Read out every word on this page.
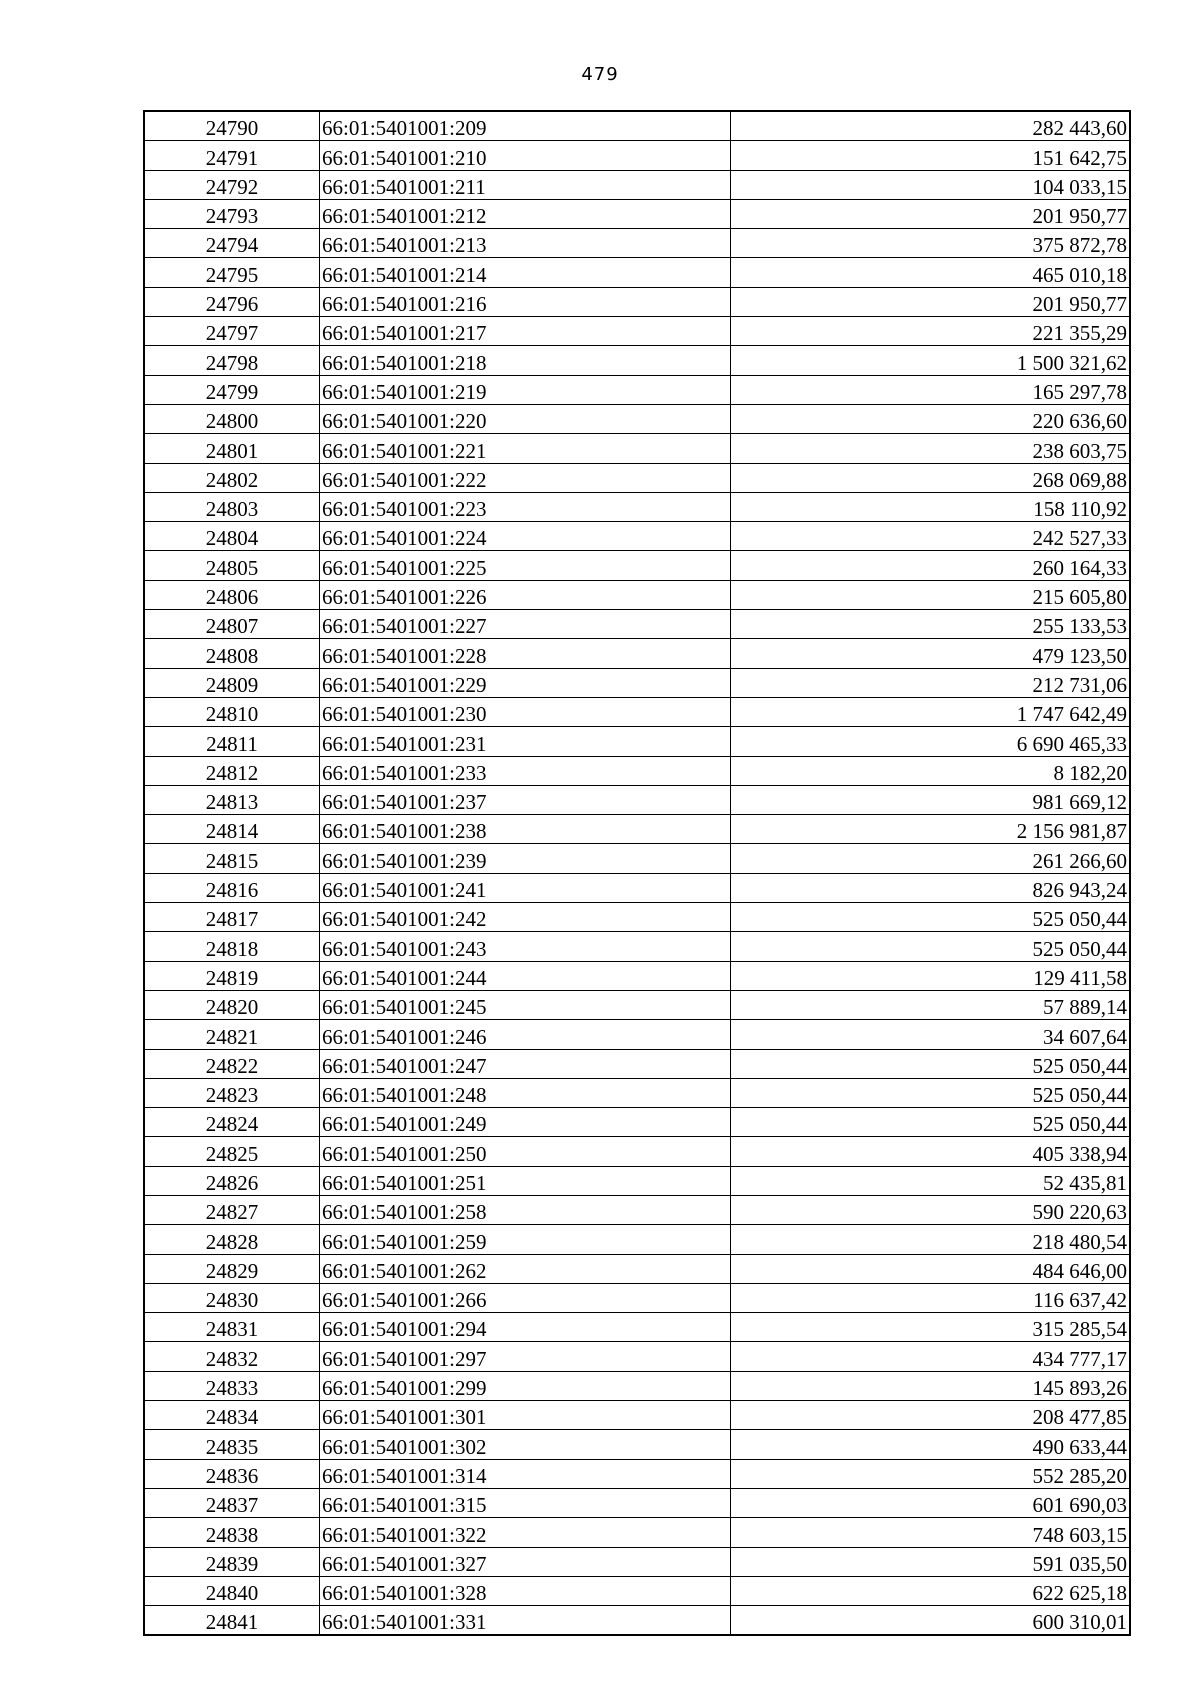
479
24790	66:01:5401001:209	282 443,60
24791	66:01:5401001:210	151 642,75
24792	66:01:5401001:211	104 033,15
24793	66:01:5401001:212	201 950,77
24794	66:01:5401001:213	375 872,78
24795	66:01:5401001:214	465 010,18
24796	66:01:5401001:216	201 950,77
24797	66:01:5401001:217	221 355,29
24798	66:01:5401001:218	1 500 321,62
24799	66:01:5401001:219	165 297,78
24800	66:01:5401001:220	220 636,60
24801	66:01:5401001:221	238 603,75
24802	66:01:5401001:222	268 069,88
24803	66:01:5401001:223	158 110,92
24804	66:01:5401001:224	242 527,33
24805	66:01:5401001:225	260 164,33
24806	66:01:5401001:226	215 605,80
24807	66:01:5401001:227	255 133,53
24808	66:01:5401001:228	479 123,50
24809	66:01:5401001:229	212 731,06
24810	66:01:5401001:230	1 747 642,49
24811	66:01:5401001:231	6 690 465,33
24812	66:01:5401001:233	8 182,20
24813	66:01:5401001:237	981 669,12
24814	66:01:5401001:238	2 156 981,87
24815	66:01:5401001:239	261 266,60
24816	66:01:5401001:241	826 943,24
24817	66:01:5401001:242	525 050,44
24818	66:01:5401001:243	525 050,44
24819	66:01:5401001:244	129 411,58
24820	66:01:5401001:245	57 889,14
24821	66:01:5401001:246	34 607,64
24822	66:01:5401001:247	525 050,44
24823	66:01:5401001:248	525 050,44
24824	66:01:5401001:249	525 050,44
24825	66:01:5401001:250	405 338,94
24826	66:01:5401001:251	52 435,81
24827	66:01:5401001:258	590 220,63
24828	66:01:5401001:259	218 480,54
24829	66:01:5401001:262	484 646,00
24830	66:01:5401001:266	116 637,42
24831	66:01:5401001:294	315 285,54
24832	66:01:5401001:297	434 777,17
24833	66:01:5401001:299	145 893,26
24834	66:01:5401001:301	208 477,85
24835	66:01:5401001:302	490 633,44
24836	66:01:5401001:314	552 285,20
24837	66:01:5401001:315	601 690,03
24838	66:01:5401001:322	748 603,15
24839	66:01:5401001:327	591 035,50
24840	66:01:5401001:328	622 625,18
24841	66:01:5401001:331	600 310,01
